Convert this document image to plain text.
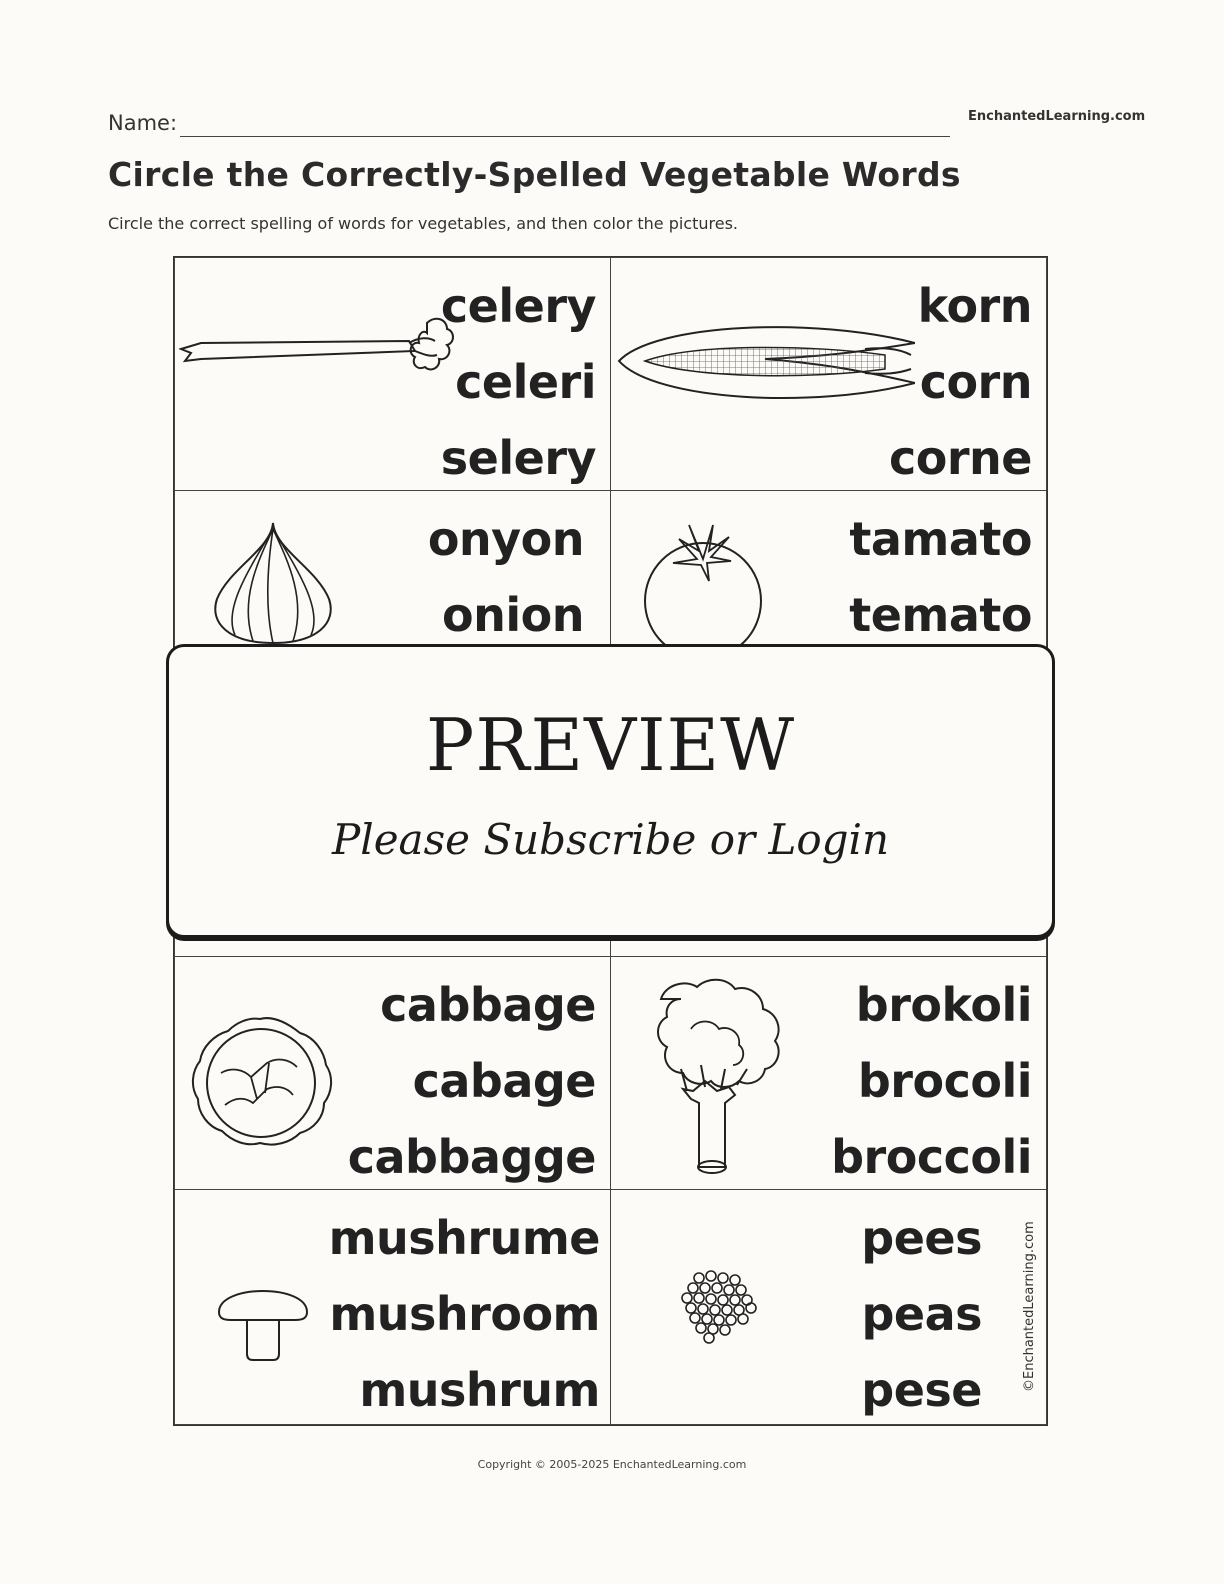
Name:	EnchantedLearning.com
Circle the Correctly-Spelled Vegetable Words
Circle the correct spelling of words for vegetables, and then color the pictures.
celery
celeri
selery
korn
corn
corne
onyon
onion
tamato
temato
cabbage
cabage
cabbagge
brokoli
brocoli
broccoli
mushrume
mushroom
mushrum
pees
peas
pese	©EnchantedLearning.com
PREVIEW
Please Subscribe or Login
Copyright © 2005-2025 EnchantedLearning.com
